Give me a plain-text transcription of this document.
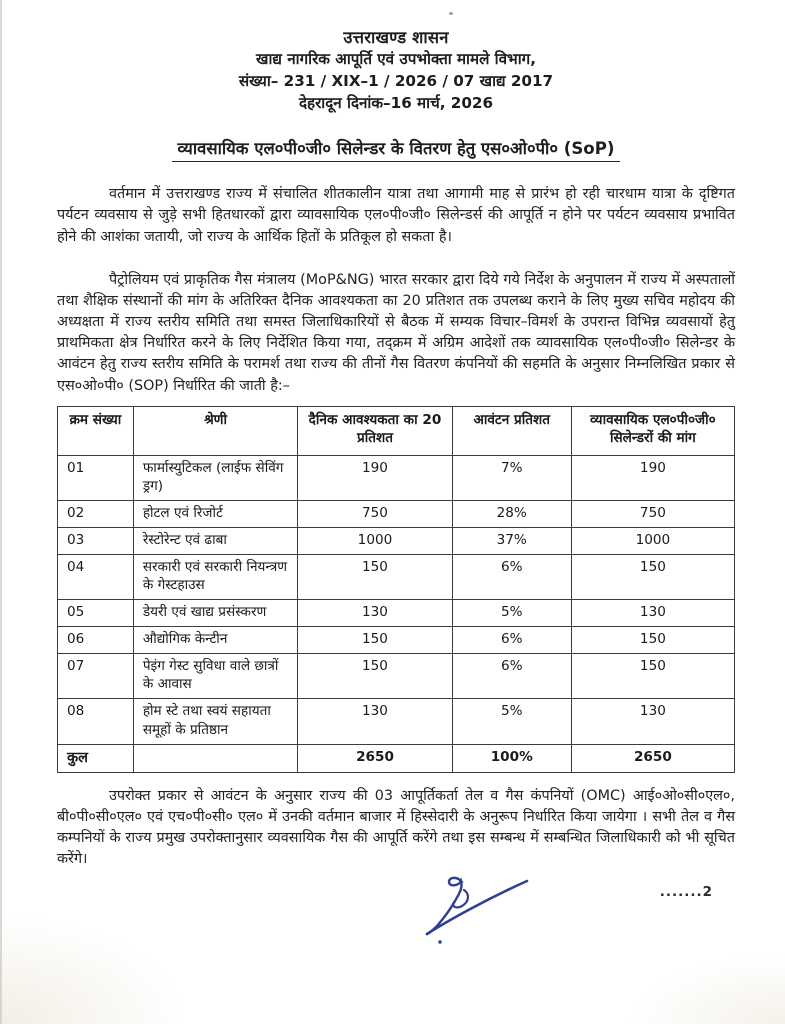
उत्तराखण्ड शासन
खाद्य नागरिक आपूर्ति एवं उपभोक्ता मामले विभाग,
संख्या– 231 / XIX–1 / 2026 / 07 खाद्य 2017
देहरादून दिनांक–16 मार्च, 2026
व्यावसायिक एल०पी०जी० सिलेन्डर के वितरण हेतु एस०ओ०पी० (SoP)

वर्तमान में उत्तराखण्ड राज्य में संचालित शीतकालीन यात्रा तथा आगामी माह से प्रारंभ हो रही चारधाम यात्रा के दृष्टिगत पर्यटन व्यवसाय से जुड़े सभी हितधारकों द्वारा व्यावसायिक एल०पी०जी० सिलेन्डर्स की आपूर्ति न होने पर पर्यटन व्यवसाय प्रभावित होने की आशंका जतायी, जो राज्य के आर्थिक हितों के प्रतिकूल हो सकता है।

पैट्रोलियम एवं प्राकृतिक गैस मंत्रालय (MoP&NG) भारत सरकार द्वारा दिये गये निर्देश के अनुपालन में राज्य में अस्पतालों तथा शैक्षिक संस्थानों की मांग के अतिरिक्त दैनिक आवश्यकता का 20 प्रतिशत तक उपलब्ध कराने के लिए मुख्य सचिव महोदय की अध्यक्षता में राज्य स्तरीय समिति तथा समस्त जिलाधिकारियों से बैठक में सम्यक विचार–विमर्श के उपरान्त विभिन्न व्यवसायों हेतु प्राथमिकता क्षेत्र निर्धारित करने के लिए निर्देशित किया गया, तद्क्रम में अग्रिम आदेशों तक व्यावसायिक एल०पी०जी० सिलेन्डर के आवंटन हेतु राज्य स्तरीय समिति के परामर्श तथा राज्य की तीनों गैस वितरण कंपनियों की सहमति के अनुसार निम्नलिखित प्रकार से एस०ओ०पी० (SOP) निर्धारित की जाती है:–

क्रम संख्या	श्रेणी	दैनिक आवश्यकता का 20 प्रतिशत	आवंटन प्रतिशत	व्यावसायिक एल०पी०जी० सिलेन्डरों की मांग
01	फार्मास्युटिकल (लाईफ सेविंग ड्रग)	190	7%	190
02	होटल एवं रिजोर्ट	750	28%	750
03	रेस्टोरेन्ट एवं ढाबा	1000	37%	1000
04	सरकारी एवं सरकारी नियन्त्रण के गेस्टहाउस	150	6%	150
05	डेयरी एवं खाद्य प्रसंस्करण	130	5%	130
06	औद्योगिक केन्टीन	150	6%	150
07	पेइंग गेस्ट सुविधा वाले छात्रों के आवास	150	6%	150
08	होम स्टे तथा स्वयं सहायता समूहों के प्रतिष्ठान	130	5%	130
कुल		2650	100%	2650

उपरोक्त प्रकार से आवंटन के अनुसार राज्य की 03 आपूर्तिकर्ता तेल व गैस कंपनियों (OMC) आई०ओ०सी०एल०, बी०पी०सी०एल० एवं एच०पी०सी० एल० में उनकी वर्तमान बाजार में हिस्सेदारी के अनुरूप निर्धारित किया जायेगा । सभी तेल व गैस कम्पनियों के राज्य प्रमुख उपरोक्तानुसार व्यवसायिक गैस की आपूर्ति करेंगे तथा इस सम्बन्ध में सम्बन्धित जिलाधिकारी को भी सूचित करेंगे।

.......2
